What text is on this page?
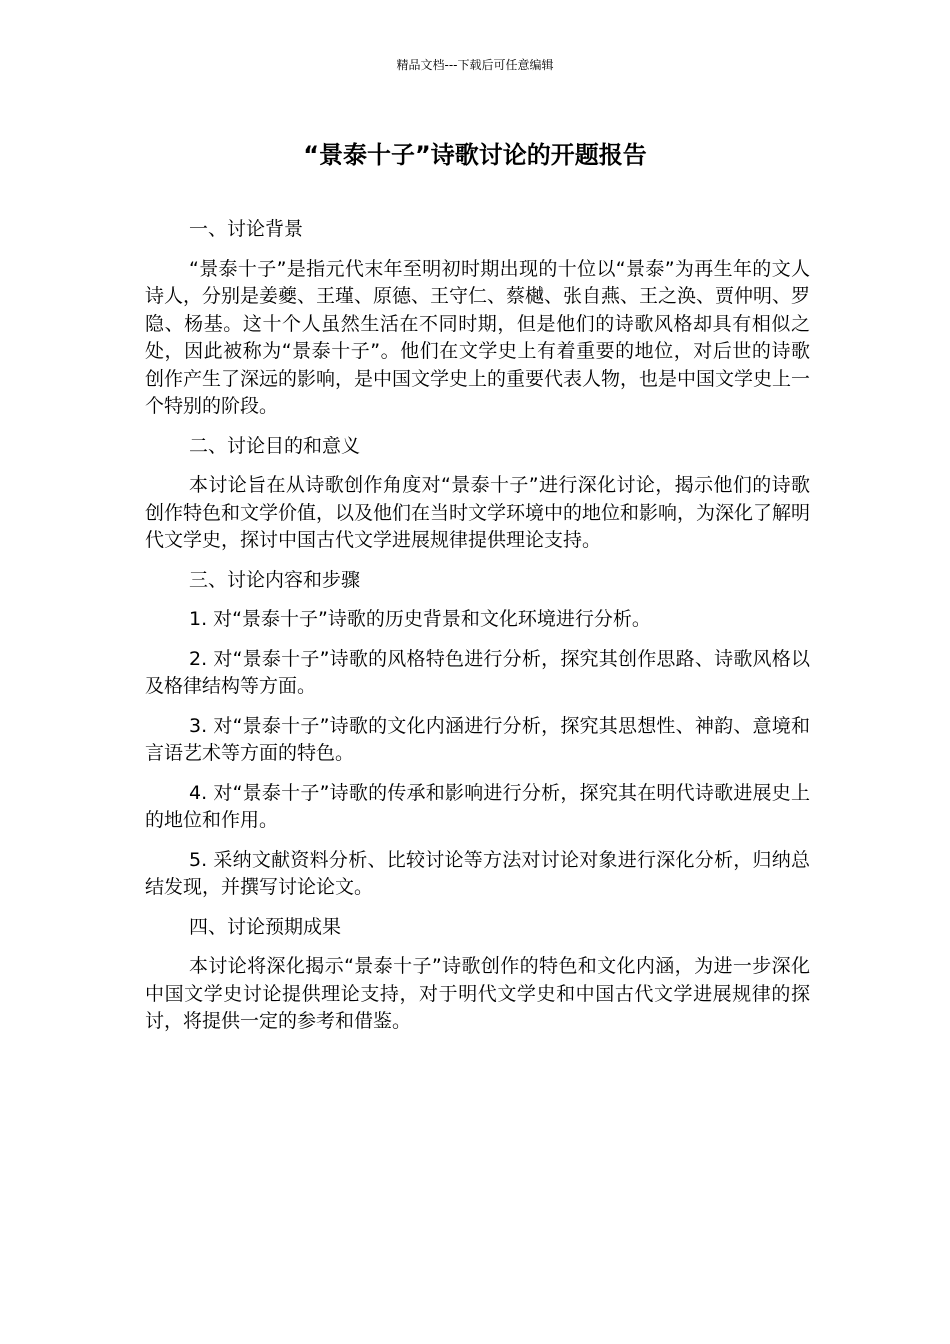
精品文档---下载后可任意编辑
“景泰十子”诗歌讨论的开题报告
一、讨论背景

“景泰十子”是指元代末年至明初时期出现的十位以“景泰”为再生年的文人诗人，分别是姜夔、王瑾、原德、王守仁、蔡樾、张自燕、王之涣、贾仲明、罗隐、杨基。这十个人虽然生活在不同时期，但是他们的诗歌风格却具有相似之处，因此被称为“景泰十子”。他们在文学史上有着重要的地位，对后世的诗歌创作产生了深远的影响，是中国文学史上的重要代表人物，也是中国文学史上一个特别的阶段。

二、讨论目的和意义

本讨论旨在从诗歌创作角度对“景泰十子”进行深化讨论，揭示他们的诗歌创作特色和文学价值，以及他们在当时文学环境中的地位和影响，为深化了解明代文学史，探讨中国古代文学进展规律提供理论支持。

三、讨论内容和步骤

1. 对“景泰十子”诗歌的历史背景和文化环境进行分析。

2. 对“景泰十子”诗歌的风格特色进行分析，探究其创作思路、诗歌风格以及格律结构等方面。

3. 对“景泰十子”诗歌的文化内涵进行分析，探究其思想性、神韵、意境和言语艺术等方面的特色。

4. 对“景泰十子”诗歌的传承和影响进行分析，探究其在明代诗歌进展史上的地位和作用。

5. 采纳文献资料分析、比较讨论等方法对讨论对象进行深化分析，归纳总结发现，并撰写讨论论文。

四、讨论预期成果

本讨论将深化揭示“景泰十子”诗歌创作的特色和文化内涵，为进一步深化中国文学史讨论提供理论支持，对于明代文学史和中国古代文学进展规律的探讨，将提供一定的参考和借鉴。
